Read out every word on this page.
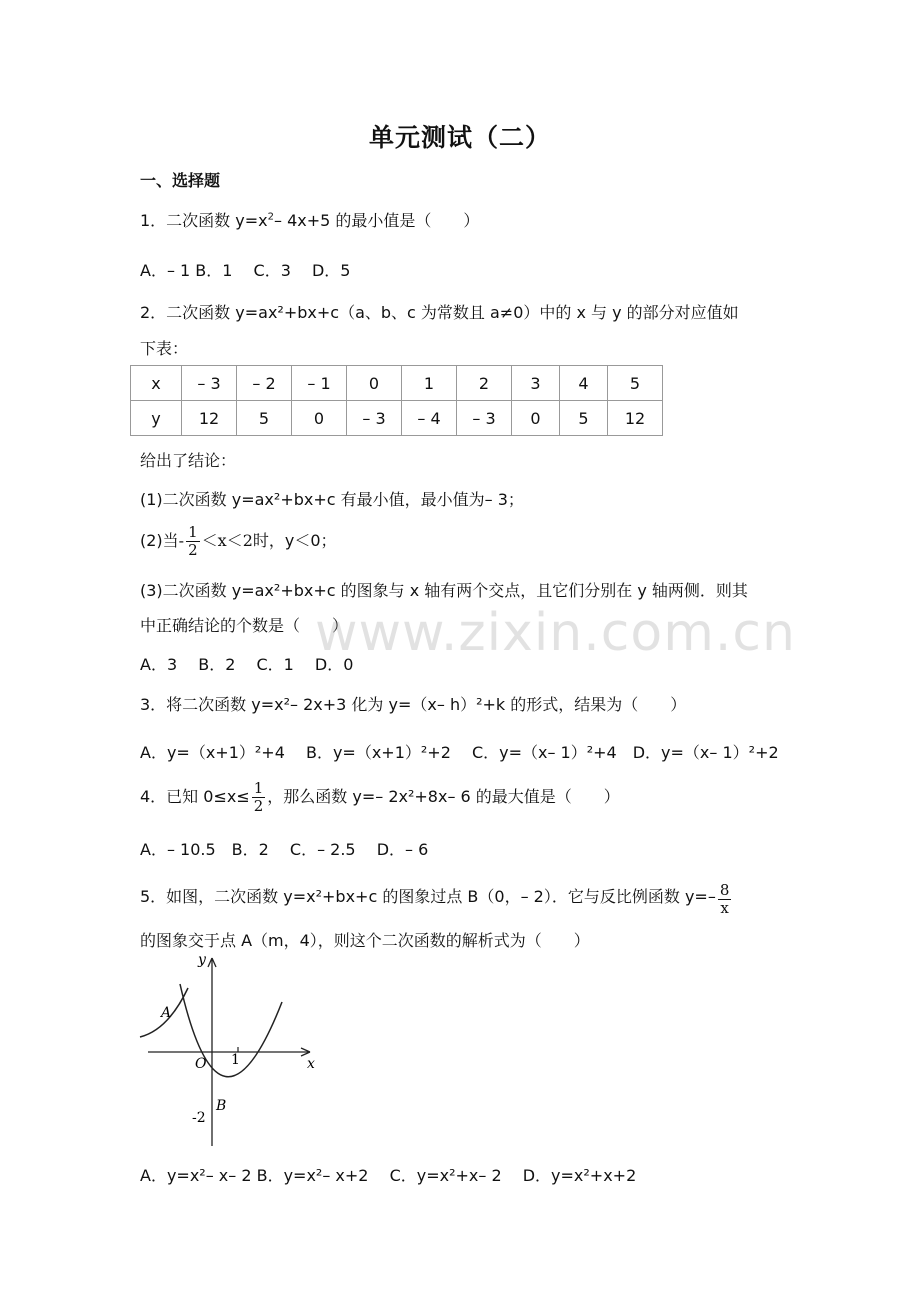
单元测试（二）
一、选择题
1．二次函数 $y=x^2-$ 4x+5 的最小值是（　　）
A．– 1 B．1　 C．3　 D．5
2．二次函数 y=ax²+bx+c（a、b、c 为常数且 a≠0）中的 x 与 y 的部分对应值如
下表：
x	– 3	– 2	– 1	0	1	2	3	4	5
y	12	5	0	– 3	– 4	– 3	0	5	12
给出了结论：
(1)二次函数 y=ax²+bx+c 有最小值，最小值为– 3；
(2)当- $\frac{1}{2} <x<2$时，y＜0；
(3)二次函数 y=ax²+bx+c 的图象与 x 轴有两个交点，且它们分别在 y 轴两侧．则其
中正确结论的个数是（　　）
A．3　 B．2　 C．1　 D．0
www.zixin.com.cn
3．将二次函数 y=x²– 2x+3 化为 y=（x– h）²+k 的形式，结果为（　　）
A．y=（x+1）²+4　 B．y=（x+1）²+2　 C．y=（x– 1）²+4　D．y=（x– 1）²+2
4．已知 $0\le x\le \frac{1}{2}$ ，那么函数 y=– 2x²+8x– 6 的最大值是（　　）
A．– 10.5　B．2　 C．– 2.5　 D．– 6
5．如图，二次函数 y=x²+bx+c 的图象过点 B（0，– 2）．它与反比例函数 $y=- \frac{8}{x}$
的图象交于点 A（m，4），则这个二次函数的解析式为（　　）
y
x
O 1
A
B
-2
A．y=x²– x– 2 B．y=x²– x+2　 C．y=x²+x– 2　 D．y=x²+x+2
